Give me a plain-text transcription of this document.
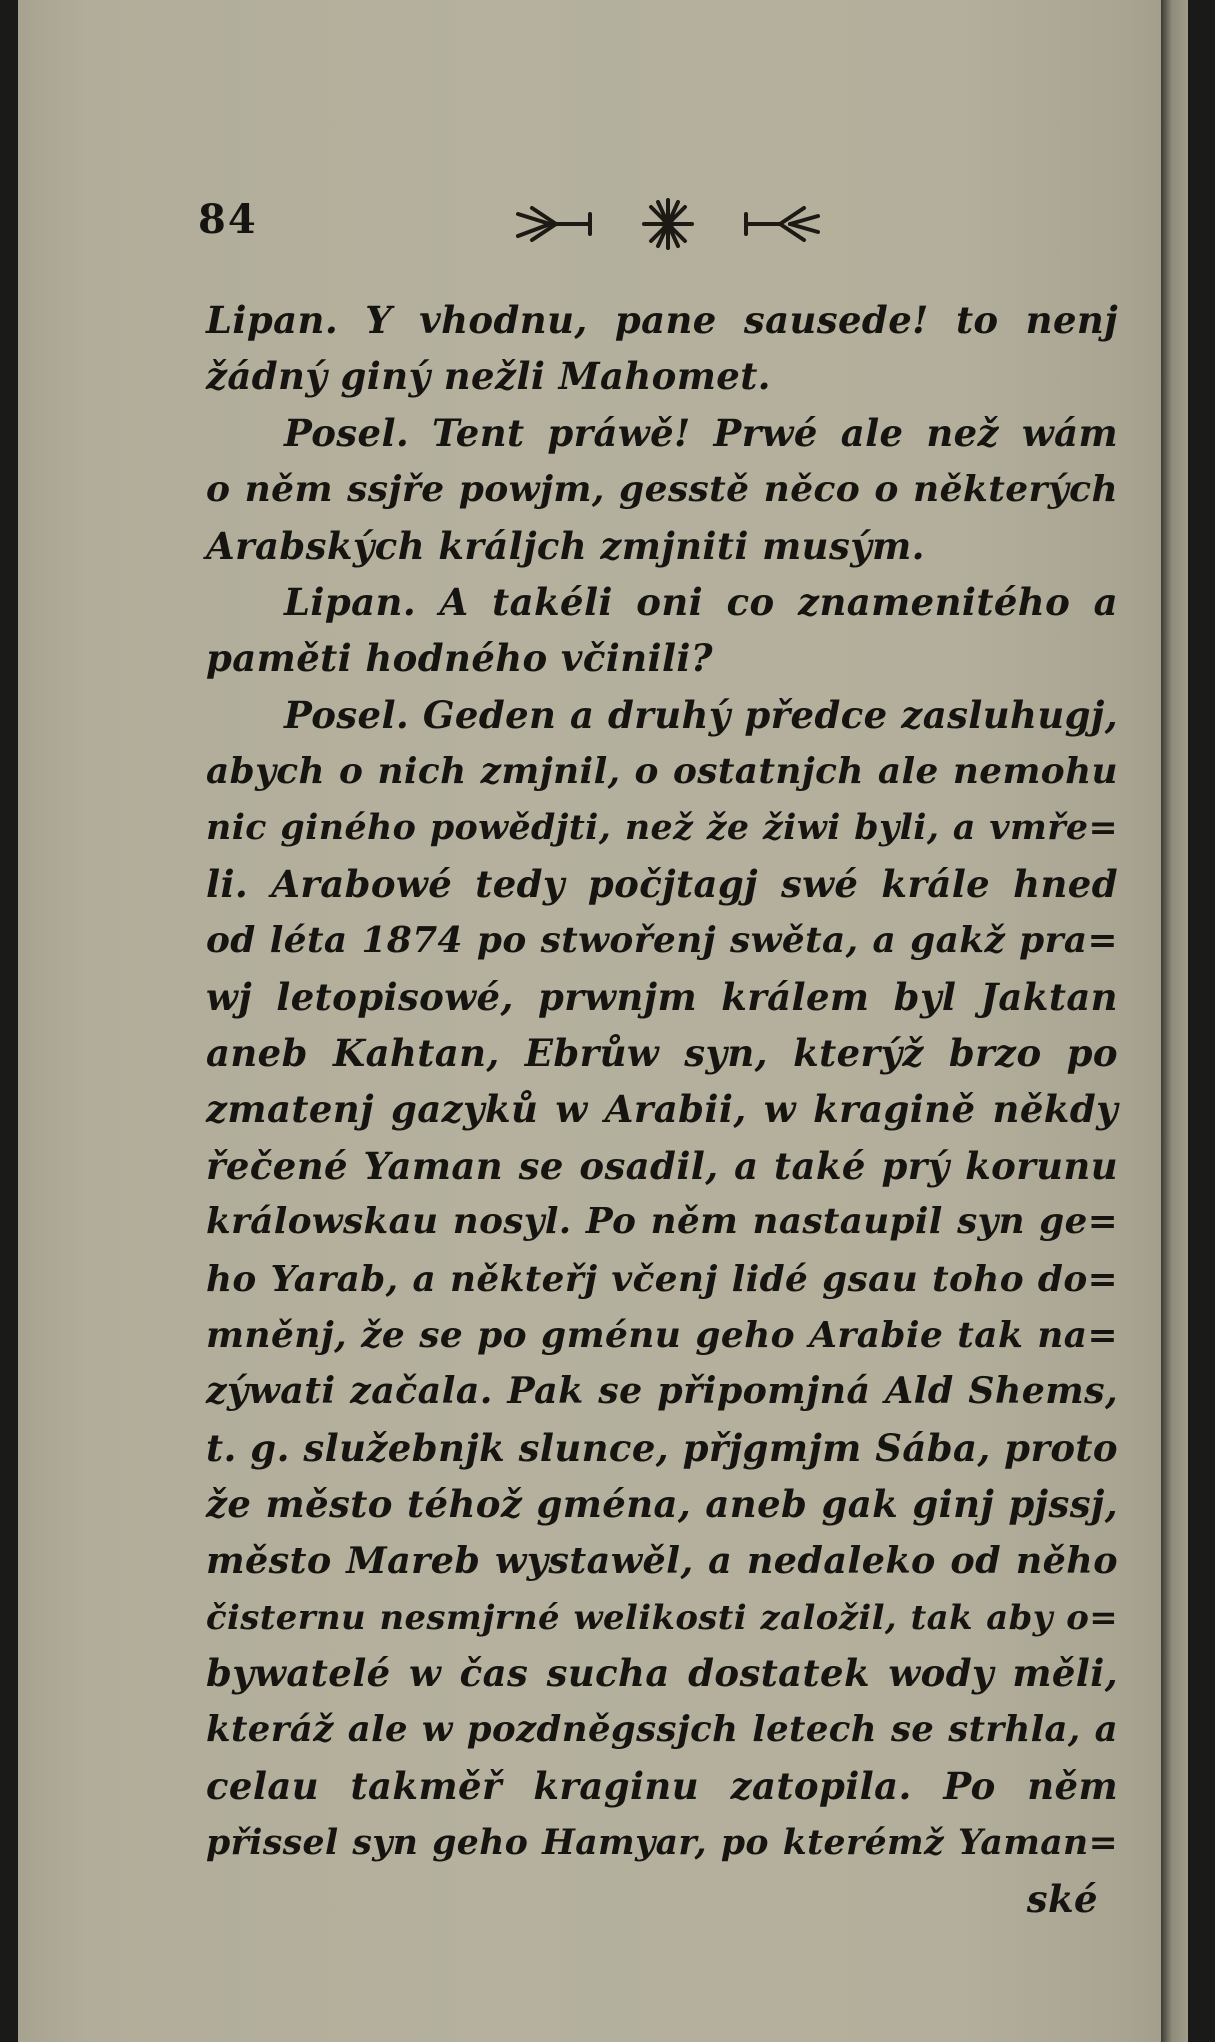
84
Lipan. Y vhodnu, pane sausede! to nenj
žádný giný nežli Mahomet.
Posel. Tent práwě! Prwé ale než wám
o něm ssjře powjm, gesstě něco o některých
Arabských králjch zmjniti musým.
Lipan. A takéli oni co znamenitého a
paměti hodného včinili?
Posel. Geden a druhý předce zasluhugj,
abych o nich zmjnil, o ostatnjch ale nemohu
nic giného powědjti, než že žiwi byli, a vmře=
li. Arabowé tedy počjtagj swé krále hned
od léta 1874 po stwořenj swěta, a gakž pra=
wj letopisowé, prwnjm králem byl Jaktan
aneb Kahtan, Ebrůw syn, kterýž brzo po
zmatenj gazyků w Arabii, w kragině někdy
řečené Yaman se osadil, a také prý korunu
králowskau nosyl. Po něm nastaupil syn ge=
ho Yarab, a někteřj včenj lidé gsau toho do=
mněnj, že se po gménu geho Arabie tak na=
zýwati začala. Pak se připomjná Ald Shems,
t. g. služebnjk slunce, přjgmjm Sába, proto
že město téhož gména, aneb gak ginj pjssj,
město Mareb wystawěl, a nedaleko od něho
čisternu nesmjrné welikosti založil, tak aby o=
bywatelé w čas sucha dostatek wody měli,
kteráž ale w pozdněgssjch letech se strhla, a
celau takměř kraginu zatopila. Po něm
přissel syn geho Hamyar, po kterémž Yaman=
ské
